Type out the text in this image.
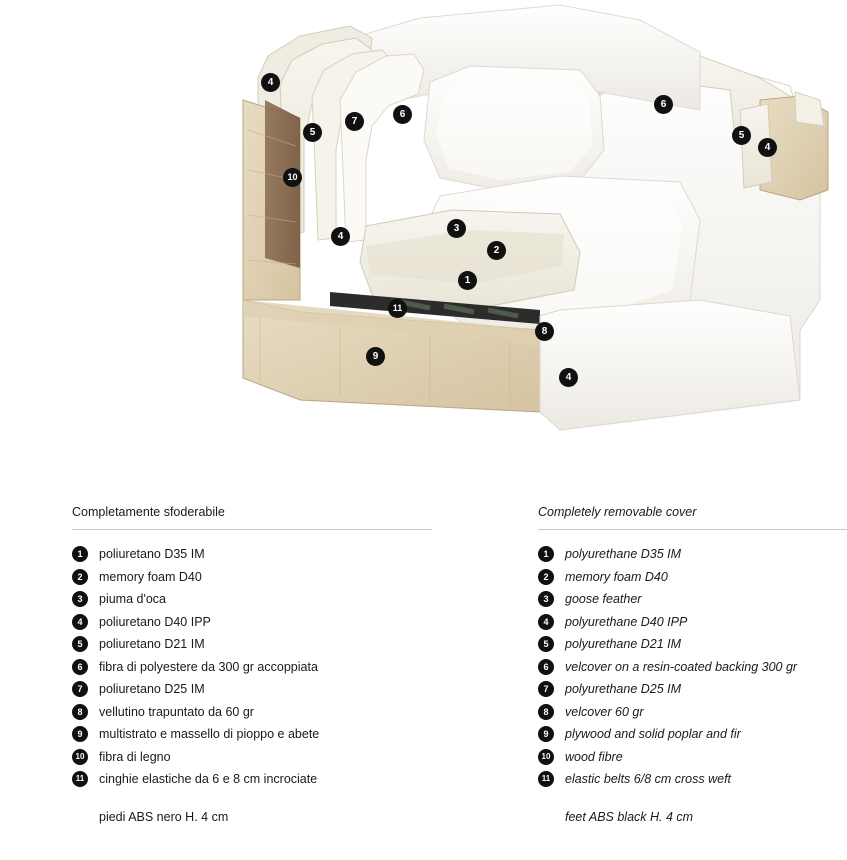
4
5
7
6
6
5
4
10
4
3
2
1
11
8
9
4
Completamente sfoderabile
1	poliuretano D35 IM
2	memory foam D40
3	piuma d'oca
4	poliuretano D40 IPP
5	poliuretano D21 IM
6	fibra di polyestere da 300 gr accoppiata
7	poliuretano D25 IM
8	vellutino trapuntato da 60 gr
9	multistrato e massello di pioppo e abete
10 fibra di legno
11	cinghie elastiche da 6 e 8 cm incrociate
piedi ABS nero H. 4 cm
Completely removable cover
1	polyurethane D35 IM
2	memory foam D40
3	goose feather
4	polyurethane D40 IPP
5	polyurethane D21 IM
6	velcover on a resin-coated backing 300 gr
7	polyurethane D25 IM
8	velcover 60 gr
9	plywood and solid poplar and fir
10 wood fibre
11	elastic belts 6/8 cm cross weft
feet ABS black H. 4 cm
